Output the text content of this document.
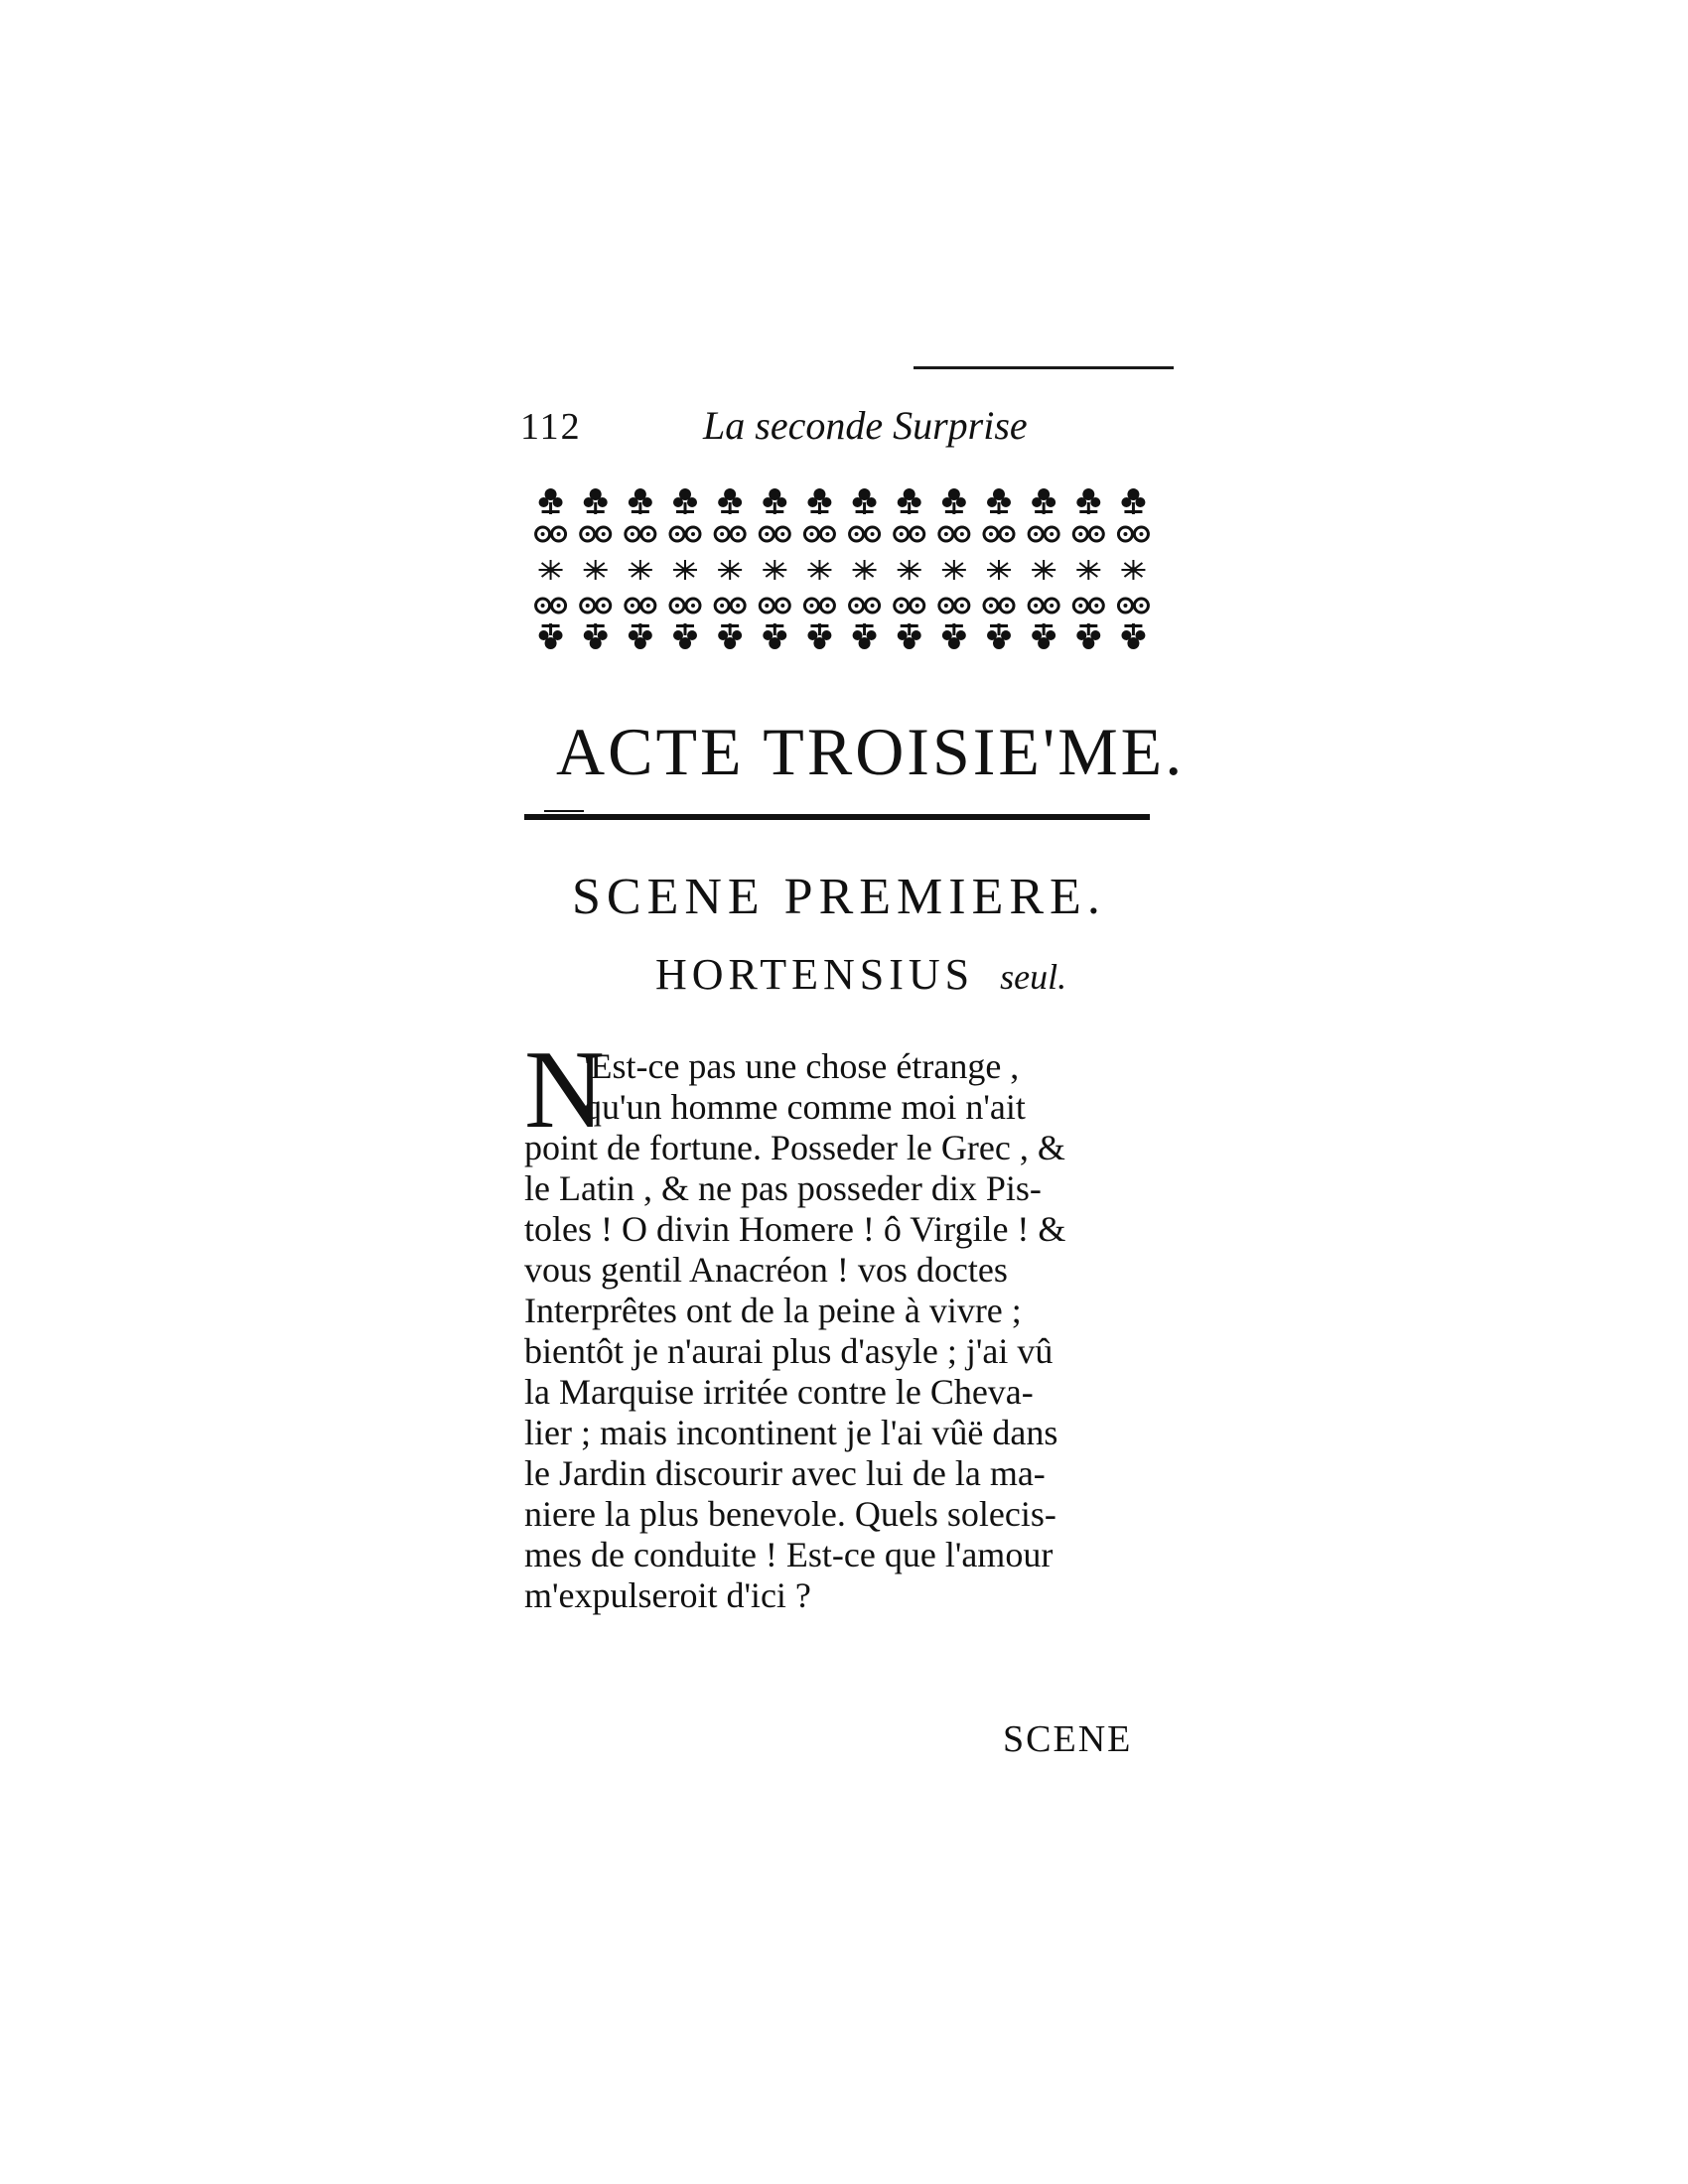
112	La seconde Surprise
ACTE TROISIE'ME.
SCENE PREMIERE.
HORTENSIUS seul.
N
'Est-ce pas une chose étrange ,
qu'un homme comme moi n'ait
point de fortune. Posseder le Grec , &
le Latin , & ne pas posseder dix Pis-
toles ! O divin Homere ! ô Virgile ! &
vous gentil Anacréon ! vos doctes
Interprêtes ont de la peine à vivre ;
bientôt je n'aurai plus d'asyle ; j'ai vû
la Marquise irritée contre le Cheva-
lier ; mais incontinent je l'ai vûë dans
le Jardin discourir avec lui de la ma-
niere la plus benevole. Quels solecis-
mes de conduite ! Est-ce que l'amour
m'expulseroit d'ici ?
SCENE
